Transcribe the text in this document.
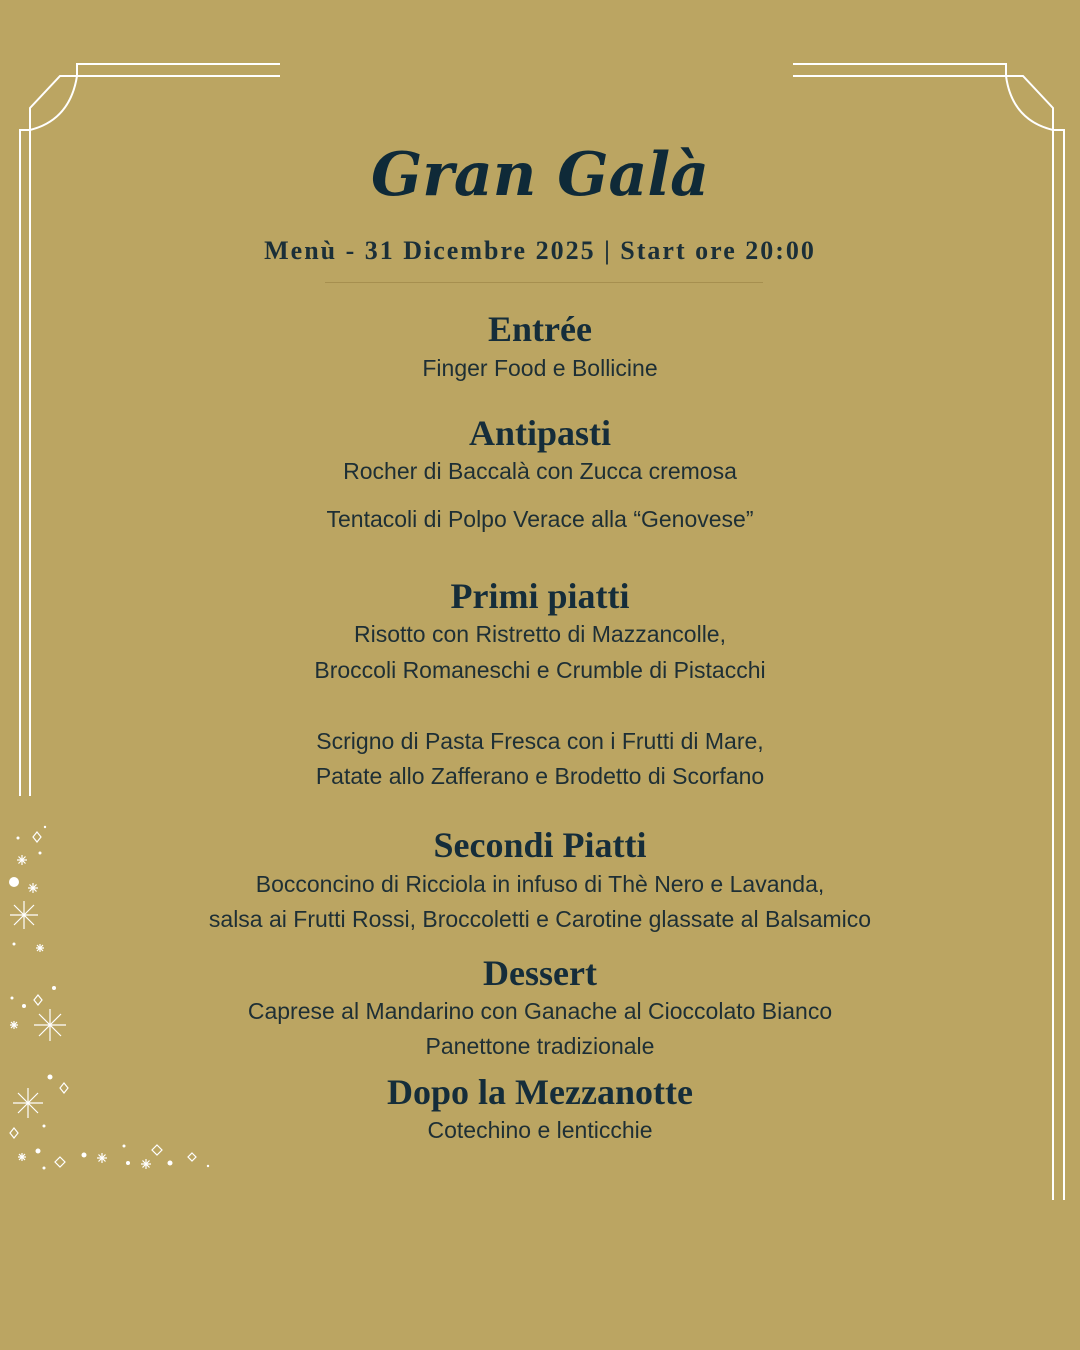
Gran Galà
Menù - 31 Dicembre 2025 | Start ore 20:00
Entrée
Finger Food e Bollicine
Antipasti
Rocher di Baccalà con Zucca cremosa
Tentacoli di Polpo Verace alla “Genovese”
Primi piatti
Risotto con Ristretto di Mazzancolle,
Broccoli Romaneschi e Crumble di Pistacchi
Scrigno di Pasta Fresca con i Frutti di Mare,
Patate allo Zafferano e Brodetto di Scorfano
Secondi Piatti
Bocconcino di Ricciola in infuso di Thè Nero e Lavanda,
salsa ai Frutti Rossi, Broccoletti e Carotine glassate al Balsamico
Dessert
Caprese al Mandarino con Ganache al Cioccolato Bianco
Panettone tradizionale
Dopo la Mezzanotte
Cotechino e lenticchie
